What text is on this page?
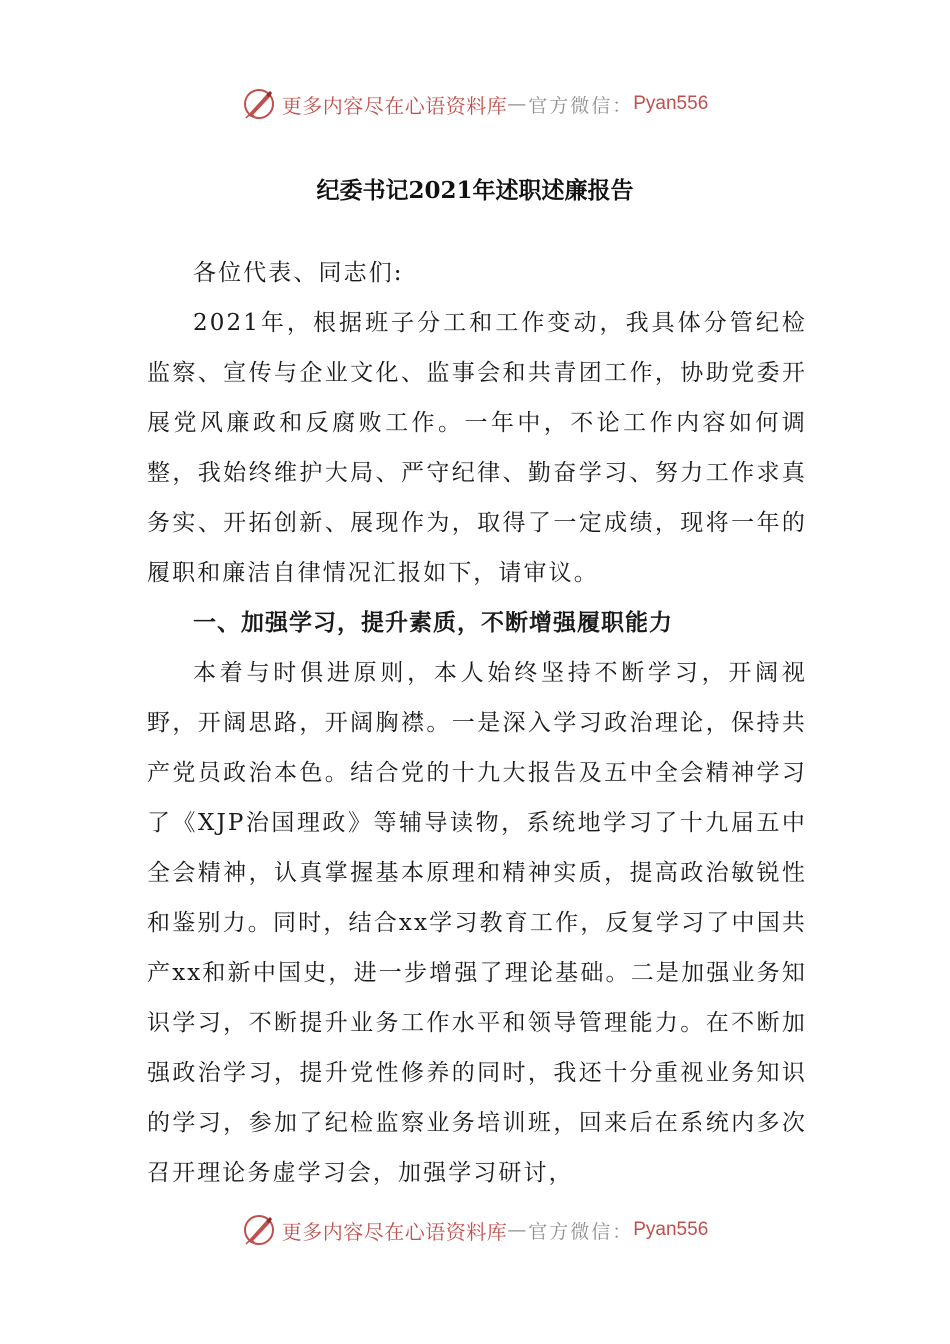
更多内容尽在心语资料库 — 官方微信： Pyan556
纪委书记2021年述职述廉报告

各位代表、同志们:

2021年，根据班子分工和工作变动，我具体分管纪检监察、宣传与企业文化、监事会和共青团工作，协助党委开展党风廉政和反腐败工作。一年中，不论工作内容如何调整，我始终维护大局、严守纪律、勤奋学习、努力工作求真务实、开拓创新、展现作为，取得了一定成绩，现将一年的履职和廉洁自律情况汇报如下，请审议。

一、加强学习，提升素质，不断增强履职能力

本着与时俱进原则，本人始终坚持不断学习，开阔视野，开阔思路，开阔胸襟。一是深入学习政治理论，保持共产党员政治本色。结合党的十九大报告及五中全会精神学习了《XJP治国理政》等辅导读物，系统地学习了十九届五中全会精神，认真掌握基本原理和精神实质，提高政治敏锐性和鉴别力。同时，结合xx学习教育工作，反复学习了中国共产xx和新中国史，进一步增强了理论基础。二是加强业务知识学习，不断提升业务工作水平和领导管理能力。在不断加强政治学习，提升党性修养的同时，我还十分重视业务知识的学习，参加了纪检监察业务培训班，回来后在系统内多次召开理论务虚学习会，加强学习研讨，

更多内容尽在心语资料库 — 官方微信： Pyan556
